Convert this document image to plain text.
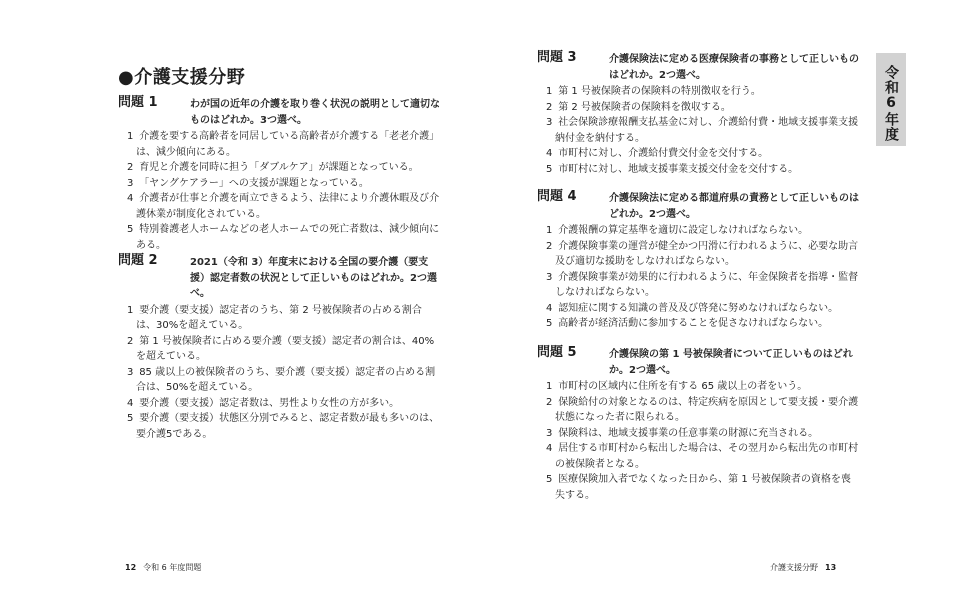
●介護支援分野
問題 1	わが国の近年の介護を取り巻く状況の説明として適切なものはどれか。3つ選べ。
1 介護を要する高齢者を同居している高齢者が介護する「老老介護」は、減少傾向にある。
2 育児と介護を同時に担う「ダブルケア」が課題となっている。
3 「ヤングケアラー」への支援が課題となっている。
4 介護者が仕事と介護を両立できるよう、法律により介護休暇及び介護休業が制度化されている。
5 特別養護老人ホームなどの老人ホームでの死亡者数は、減少傾向にある。
問題 2	2021（令和 3）年度末における全国の要介護（要支援）認定者数の状況として正しいものはどれか。2つ選べ。
1 要介護（要支援）認定者のうち、第 2 号被保険者の占める割合は、30%を超えている。
2 第 1 号被保険者に占める要介護（要支援）認定者の割合は、40%を超えている。
3 85 歳以上の被保険者のうち、要介護（要支援）認定者の占める割合は、50%を超えている。
4 要介護（要支援）認定者数は、男性より女性の方が多い。
5 要介護（要支援）状態区分別でみると、認定者数が最も多いのは、要介護5である。
12 令和 6 年度問題
問題 3	介護保険法に定める医療保険者の事務として正しいものはどれか。2つ選べ。
1 第 1 号被保険者の保険料の特別徴収を行う。
2 第 2 号被保険者の保険料を徴収する。
3 社会保険診療報酬支払基金に対し、介護給付費・地域支援事業支援納付金を納付する。
4 市町村に対し、介護給付費交付金を交付する。
5 市町村に対し、地域支援事業支援交付金を交付する。
問題 4	介護保険法に定める都道府県の責務として正しいものはどれか。2つ選べ。
1 介護報酬の算定基準を適切に設定しなければならない。
2 介護保険事業の運営が健全かつ円滑に行われるように、必要な助言及び適切な援助をしなければならない。
3 介護保険事業が効果的に行われるように、年金保険者を指導・監督しなければならない。
4 認知症に関する知識の普及及び啓発に努めなければならない。
5 高齢者が経済活動に参加することを促さなければならない。
問題 5	介護保険の第 1 号被保険者について正しいものはどれか。2つ選べ。
1 市町村の区域内に住所を有する 65 歳以上の者をいう。
2 保険給付の対象となるのは、特定疾病を原因として要支援・要介護状態になった者に限られる。
3 保険料は、地域支援事業の任意事業の財源に充当される。
4 居住する市町村から転出した場合は、その翌月から転出先の市町村の被保険者となる。
5 医療保険加入者でなくなった日から、第 1 号被保険者の資格を喪失する。
令和6年度
介護支援分野 13
